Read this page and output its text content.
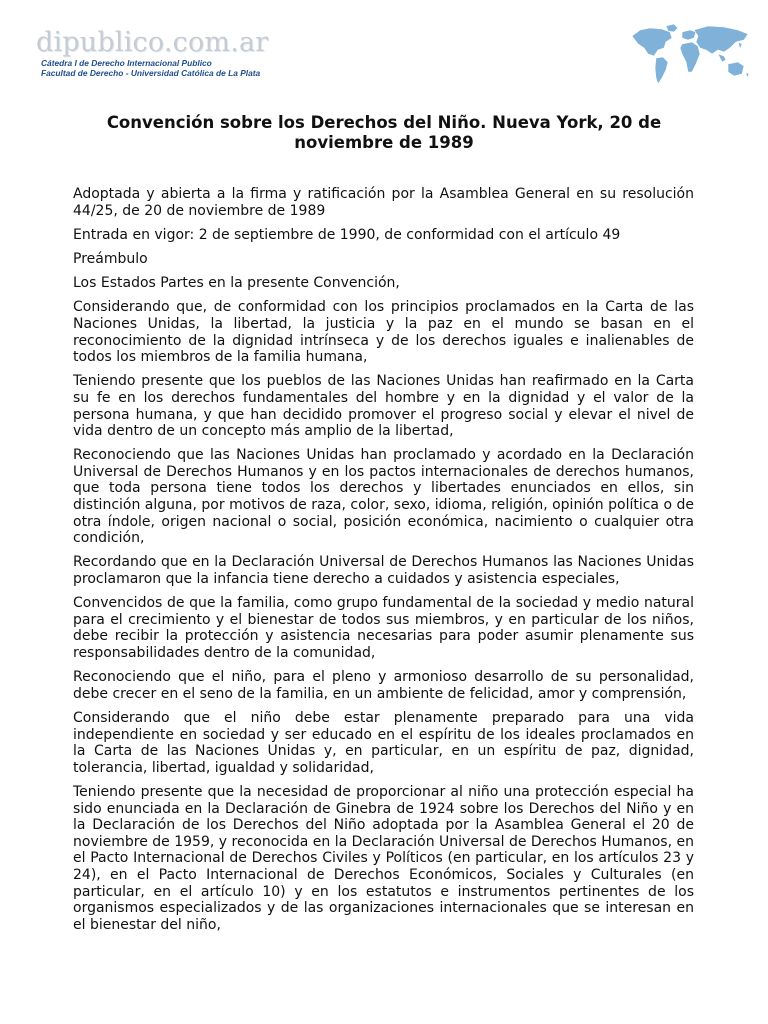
dipublico.com.ar
Cátedra I de Derecho Internacional Publico
Facultad de Derecho - Universidad Católica de La Plata
Convención sobre los Derechos del Niño. Nueva York, 20 de noviembre de 1989

Adoptada y abierta a la firma y ratificación por la Asamblea General en su resolución 44/25, de 20 de noviembre de 1989

Entrada en vigor: 2 de septiembre de 1990, de conformidad con el artículo 49

Preámbulo

Los Estados Partes en la presente Convención,

Considerando que, de conformidad con los principios proclamados en la Carta de las Naciones Unidas, la libertad, la justicia y la paz en el mundo se basan en el reconocimiento de la dignidad intrínseca y de los derechos iguales e inalienables de todos los miembros de la familia humana,

Teniendo presente que los pueblos de las Naciones Unidas han reafirmado en la Carta su fe en los derechos fundamentales del hombre y en la dignidad y el valor de la persona humana, y que han decidido promover el progreso social y elevar el nivel de vida dentro de un concepto más amplio de la libertad,

Reconociendo que las Naciones Unidas han proclamado y acordado en la Declaración Universal de Derechos Humanos y en los pactos internacionales de derechos humanos, que toda persona tiene todos los derechos y libertades enunciados en ellos, sin distinción alguna, por motivos de raza, color, sexo, idioma, religión, opinión política o de otra índole, origen nacional o social, posición económica, nacimiento o cualquier otra condición,

Recordando que en la Declaración Universal de Derechos Humanos las Naciones Unidas proclamaron que la infancia tiene derecho a cuidados y asistencia especiales,

Convencidos de que la familia, como grupo fundamental de la sociedad y medio natural para el crecimiento y el bienestar de todos sus miembros, y en particular de los niños, debe recibir la protección y asistencia necesarias para poder asumir plenamente sus responsabilidades dentro de la comunidad,

Reconociendo que el niño, para el pleno y armonioso desarrollo de su personalidad, debe crecer en el seno de la familia, en un ambiente de felicidad, amor y comprensión,

Considerando que el niño debe estar plenamente preparado para una vida independiente en sociedad y ser educado en el espíritu de los ideales proclamados en la Carta de las Naciones Unidas y, en particular, en un espíritu de paz, dignidad, tolerancia, libertad, igualdad y solidaridad,

Teniendo presente que la necesidad de proporcionar al niño una protección especial ha sido enunciada en la Declaración de Ginebra de 1924 sobre los Derechos del Niño y en la Declaración de los Derechos del Niño adoptada por la Asamblea General el 20 de noviembre de 1959, y reconocida en la Declaración Universal de Derechos Humanos, en el Pacto Internacional de Derechos Civiles y Políticos (en particular, en los artículos 23 y 24), en el Pacto Internacional de Derechos Económicos, Sociales y Culturales (en particular, en el artículo 10) y en los estatutos e instrumentos pertinentes de los organismos especializados y de las organizaciones internacionales que se interesan en el bienestar del niño,
